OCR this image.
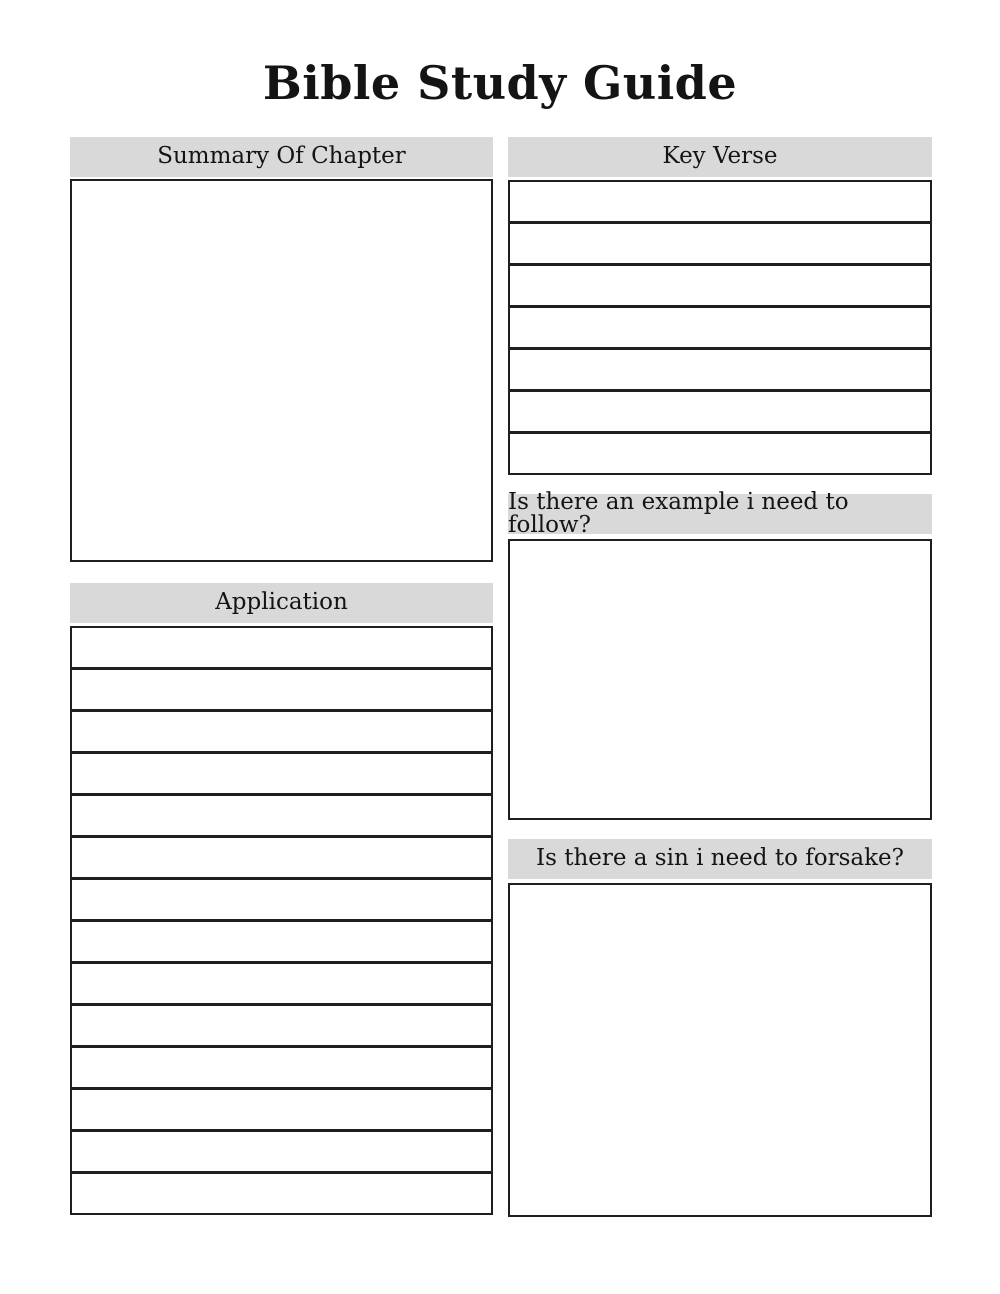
Bible Study Guide
Summary Of Chapter
Application
Key Verse
Is there an example i need to follow?
Is there a sin i need to forsake?
